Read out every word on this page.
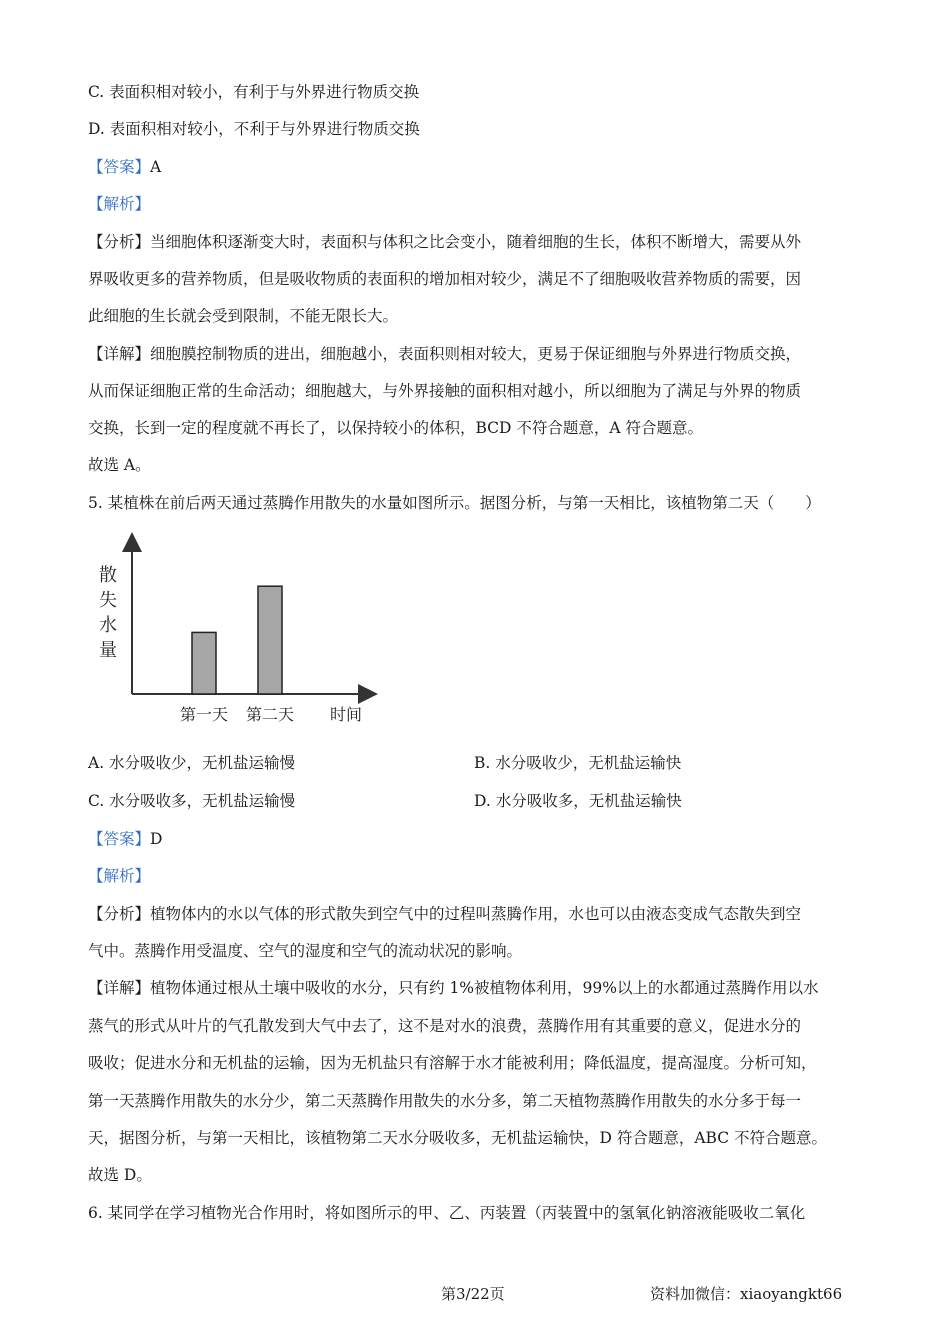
C. 表面积相对较小，有利于与外界进行物质交换
D. 表面积相对较小，不利于与外界进行物质交换
【答案】A
【解析】
【分析】当细胞体积逐渐变大时，表面积与体积之比会变小，随着细胞的生长，体积不断增大，需要从外
界吸收更多的营养物质，但是吸收物质的表面积的增加相对较少，满足不了细胞吸收营养物质的需要，因
此细胞的生长就会受到限制，不能无限长大。
【详解】细胞膜控制物质的进出，细胞越小，表面积则相对较大，更易于保证细胞与外界进行物质交换，
从而保证细胞正常的生命活动；细胞越大，与外界接触的面积相对越小，所以细胞为了满足与外界的物质
交换，长到一定的程度就不再长了，以保持较小的体积，BCD 不符合题意，A 符合题意。
故选 A。
5. 某植株在前后两天通过蒸腾作用散失的水量如图所示。据图分析，与第一天相比，该植物第二天（　　）
散
失
水
量
第一天 第二天 时间
A. 水分吸收少，无机盐运输慢	B. 水分吸收少，无机盐运输快
C. 水分吸收多，无机盐运输慢	D. 水分吸收多，无机盐运输快
【答案】D
【解析】
【分析】植物体内的水以气体的形式散失到空气中的过程叫蒸腾作用，水也可以由液态变成气态散失到空
气中。蒸腾作用受温度、空气的湿度和空气的流动状况的影响。
【详解】植物体通过根从土壤中吸收的水分，只有约 1%被植物体利用，99%以上的水都通过蒸腾作用以水
蒸气的形式从叶片的气孔散发到大气中去了，这不是对水的浪费，蒸腾作用有其重要的意义，促进水分的
吸收；促进水分和无机盐的运输，因为无机盐只有溶解于水才能被利用；降低温度，提高湿度。分析可知，
第一天蒸腾作用散失的水分少，第二天蒸腾作用散失的水分多，第二天植物蒸腾作用散失的水分多于每一
天，据图分析，与第一天相比，该植物第二天水分吸收多，无机盐运输快，D 符合题意，ABC 不符合题意。
故选 D。
6. 某同学在学习植物光合作用时，将如图所示的甲、乙、丙装置（丙装置中的氢氧化钠溶液能吸收二氧化
第3/22页	资料加微信：xiaoyangkt66
